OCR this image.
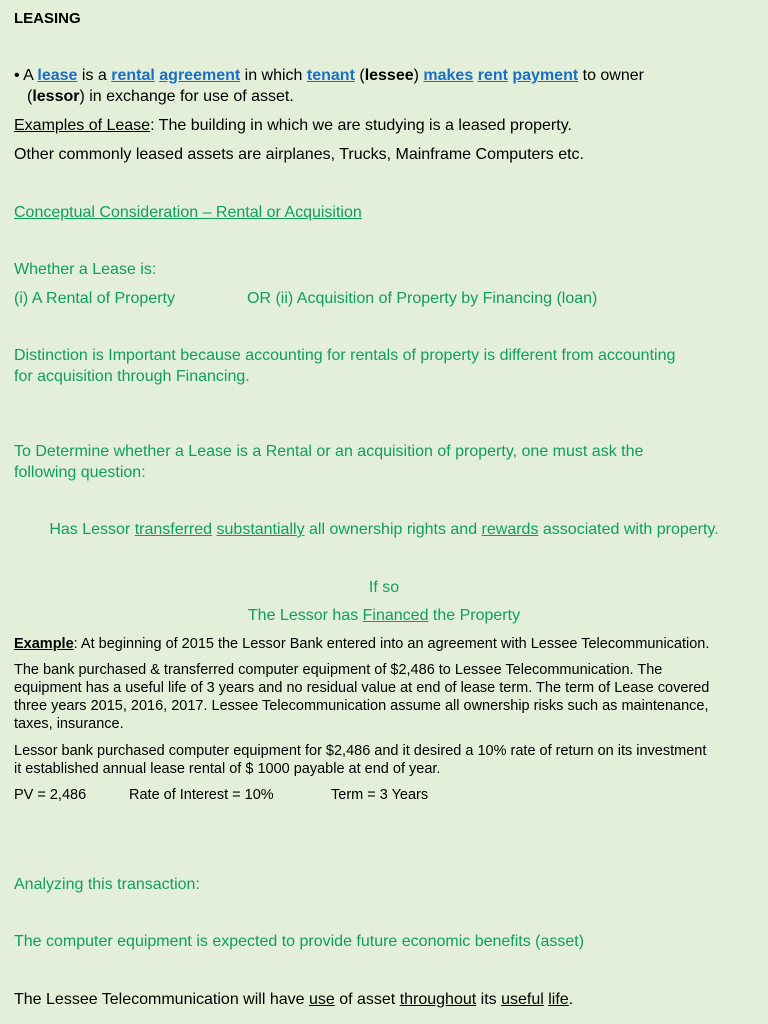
LEASING
• A lease is a rental agreement in which tenant (lessee) makes rent payment to owner
(lessor) in exchange for use of asset.
Examples of Lease: The building in which we are studying is a leased property.
Other commonly leased assets are airplanes, Trucks, Mainframe Computers etc.
Conceptual Consideration – Rental or Acquisition
Whether a Lease is:
(i) A Rental of Property	OR (ii) Acquisition of Property by Financing (loan)
Distinction is Important because accounting for rentals of property is different from accounting
for acquisition through Financing.
To Determine whether a Lease is a Rental or an acquisition of property, one must ask the
following question:
Has Lessor transferred substantially all ownership rights and rewards associated with property.
If so
The Lessor has Financed the Property
Example: At beginning of 2015 the Lessor Bank entered into an agreement with Lessee Telecommunication.
The bank purchased & transferred computer equipment of $2,486 to Lessee Telecommunication. The
equipment has a useful life of 3 years and no residual value at end of lease term. The term of Lease covered
three years 2015, 2016, 2017. Lessee Telecommunication assume all ownership risks such as maintenance,
taxes, insurance.
Lessor bank purchased computer equipment for $2,486 and it desired a 10% rate of return on its investment
it established annual lease rental of $ 1000 payable at end of year.
PV = 2,486	Rate of Interest = 10%	Term = 3 Years
Analyzing this transaction:
The computer equipment is expected to provide future economic benefits (asset)
The Lessee Telecommunication will have use of asset throughout its useful life.
